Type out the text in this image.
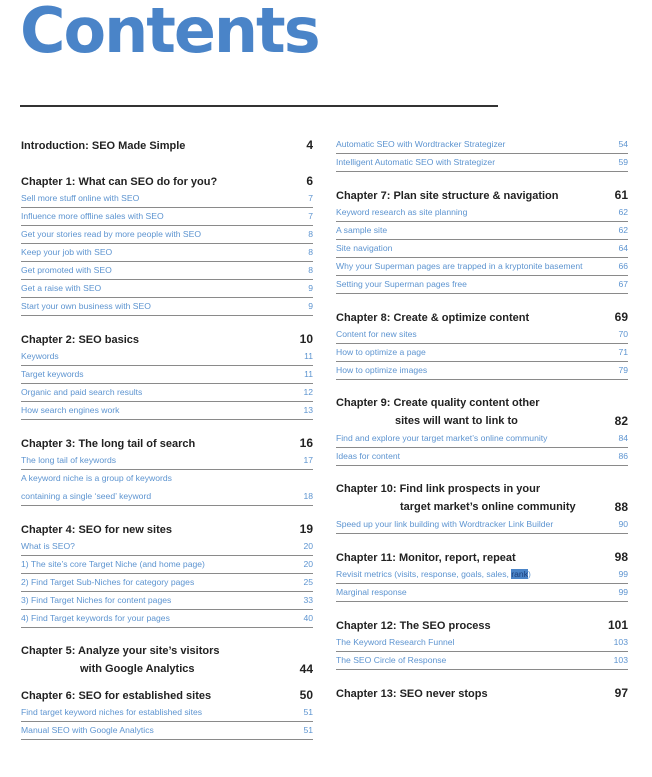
Contents
Introduction: SEO Made Simple	4
Chapter 1: What can SEO do for you?	6
Sell more stuff online with SEO	7
Influence more offline sales with SEO	7
Get your stories read by more people with SEO	8
Keep your job with SEO	8
Get promoted with SEO	8
Get a raise with SEO	9
Start your own business with SEO	9
Chapter 2: SEO basics	10
Keywords	11
Target keywords	11
Organic and paid search results	12
How search engines work	13
Chapter 3: The long tail of search	16
The long tail of keywords	17
A keyword niche is a group of keywords
containing a single ‘seed’ keyword	18
Chapter 4: SEO for new sites	19
What is SEO?	20
1) The site’s core Target Niche (and home page)	20
2) Find Target Sub-Niches for category pages	25
3) Find Target Niches for content pages	33
4) Find Target keywords for your pages	40
Chapter 5: Analyze your site’s visitors
with Google Analytics	44
Chapter 6: SEO for established sites	50
Find target keyword niches for established sites	51
Manual SEO with Google Analytics	51
Automatic SEO with Wordtracker Strategizer	54
Intelligent Automatic SEO with Strategizer	59
Chapter 7: Plan site structure & navigation	61
Keyword research as site planning	62
A sample site	62
Site navigation	64
Why your Superman pages are trapped in a kryptonite basement	66
Setting your Superman pages free	67
Chapter 8: Create & optimize content	69
Content for new sites	70
How to optimize a page	71
How to optimize images	79
Chapter 9: Create quality content other
sites will want to link to	82
Find and explore your target market’s online community	84
Ideas for content	86
Chapter 10: Find link prospects in your
target market’s online community	88
Speed up your link building with Wordtracker Link Builder	90
Chapter 11: Monitor, report, repeat	98
Revisit metrics (visits, response, goals, sales, rank)	99
Marginal response	99
Chapter 12: The SEO process	101
The Keyword Research Funnel	103
The SEO Circle of Response	103
Chapter 13: SEO never stops	97
